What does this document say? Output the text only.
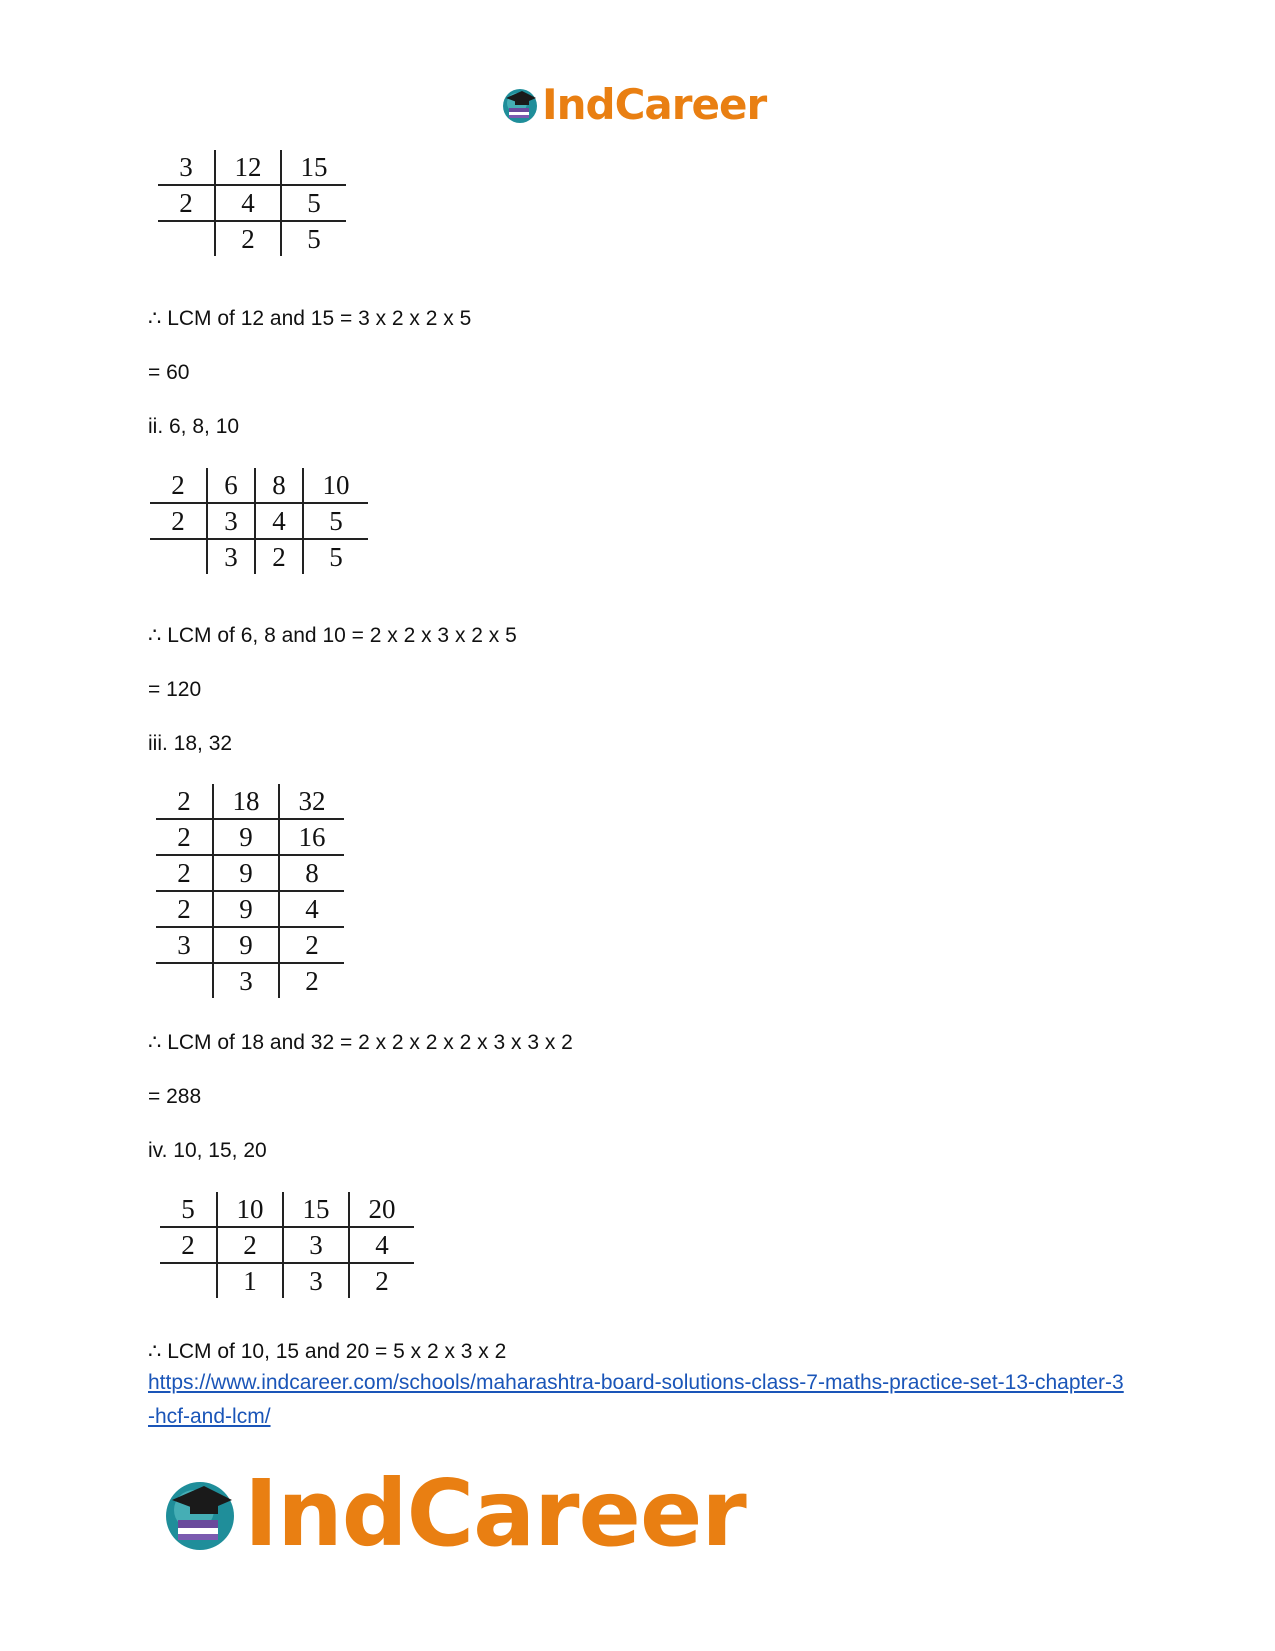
IndCareer
3	12	15
2	4	5
	2	5
∴ LCM of 12 and 15 = 3 x 2 x 2 x 5
= 60
ii. 6, 8, 10
2	6	8	10
2	3	4	5
	3	2	5
∴ LCM of 6, 8 and 10 = 2 x 2 x 3 x 2 x 5
= 120
iii. 18, 32
2	18	32
2	9	16
2	9	8
2	9	4
3	9	2
	3	2
∴ LCM of 18 and 32 = 2 x 2 x 2 x 2 x 3 x 3 x 2
= 288
iv. 10, 15, 20
5	10	15	20
2	2	3	4
	1	3	2
∴ LCM of 10, 15 and 20 = 5 x 2 x 3 x 2
https://www.indcareer.com/schools/maharashtra-board-solutions-class-7-maths-practice-set-13-chapter-3-hcf-and-lcm/
IndCareer
